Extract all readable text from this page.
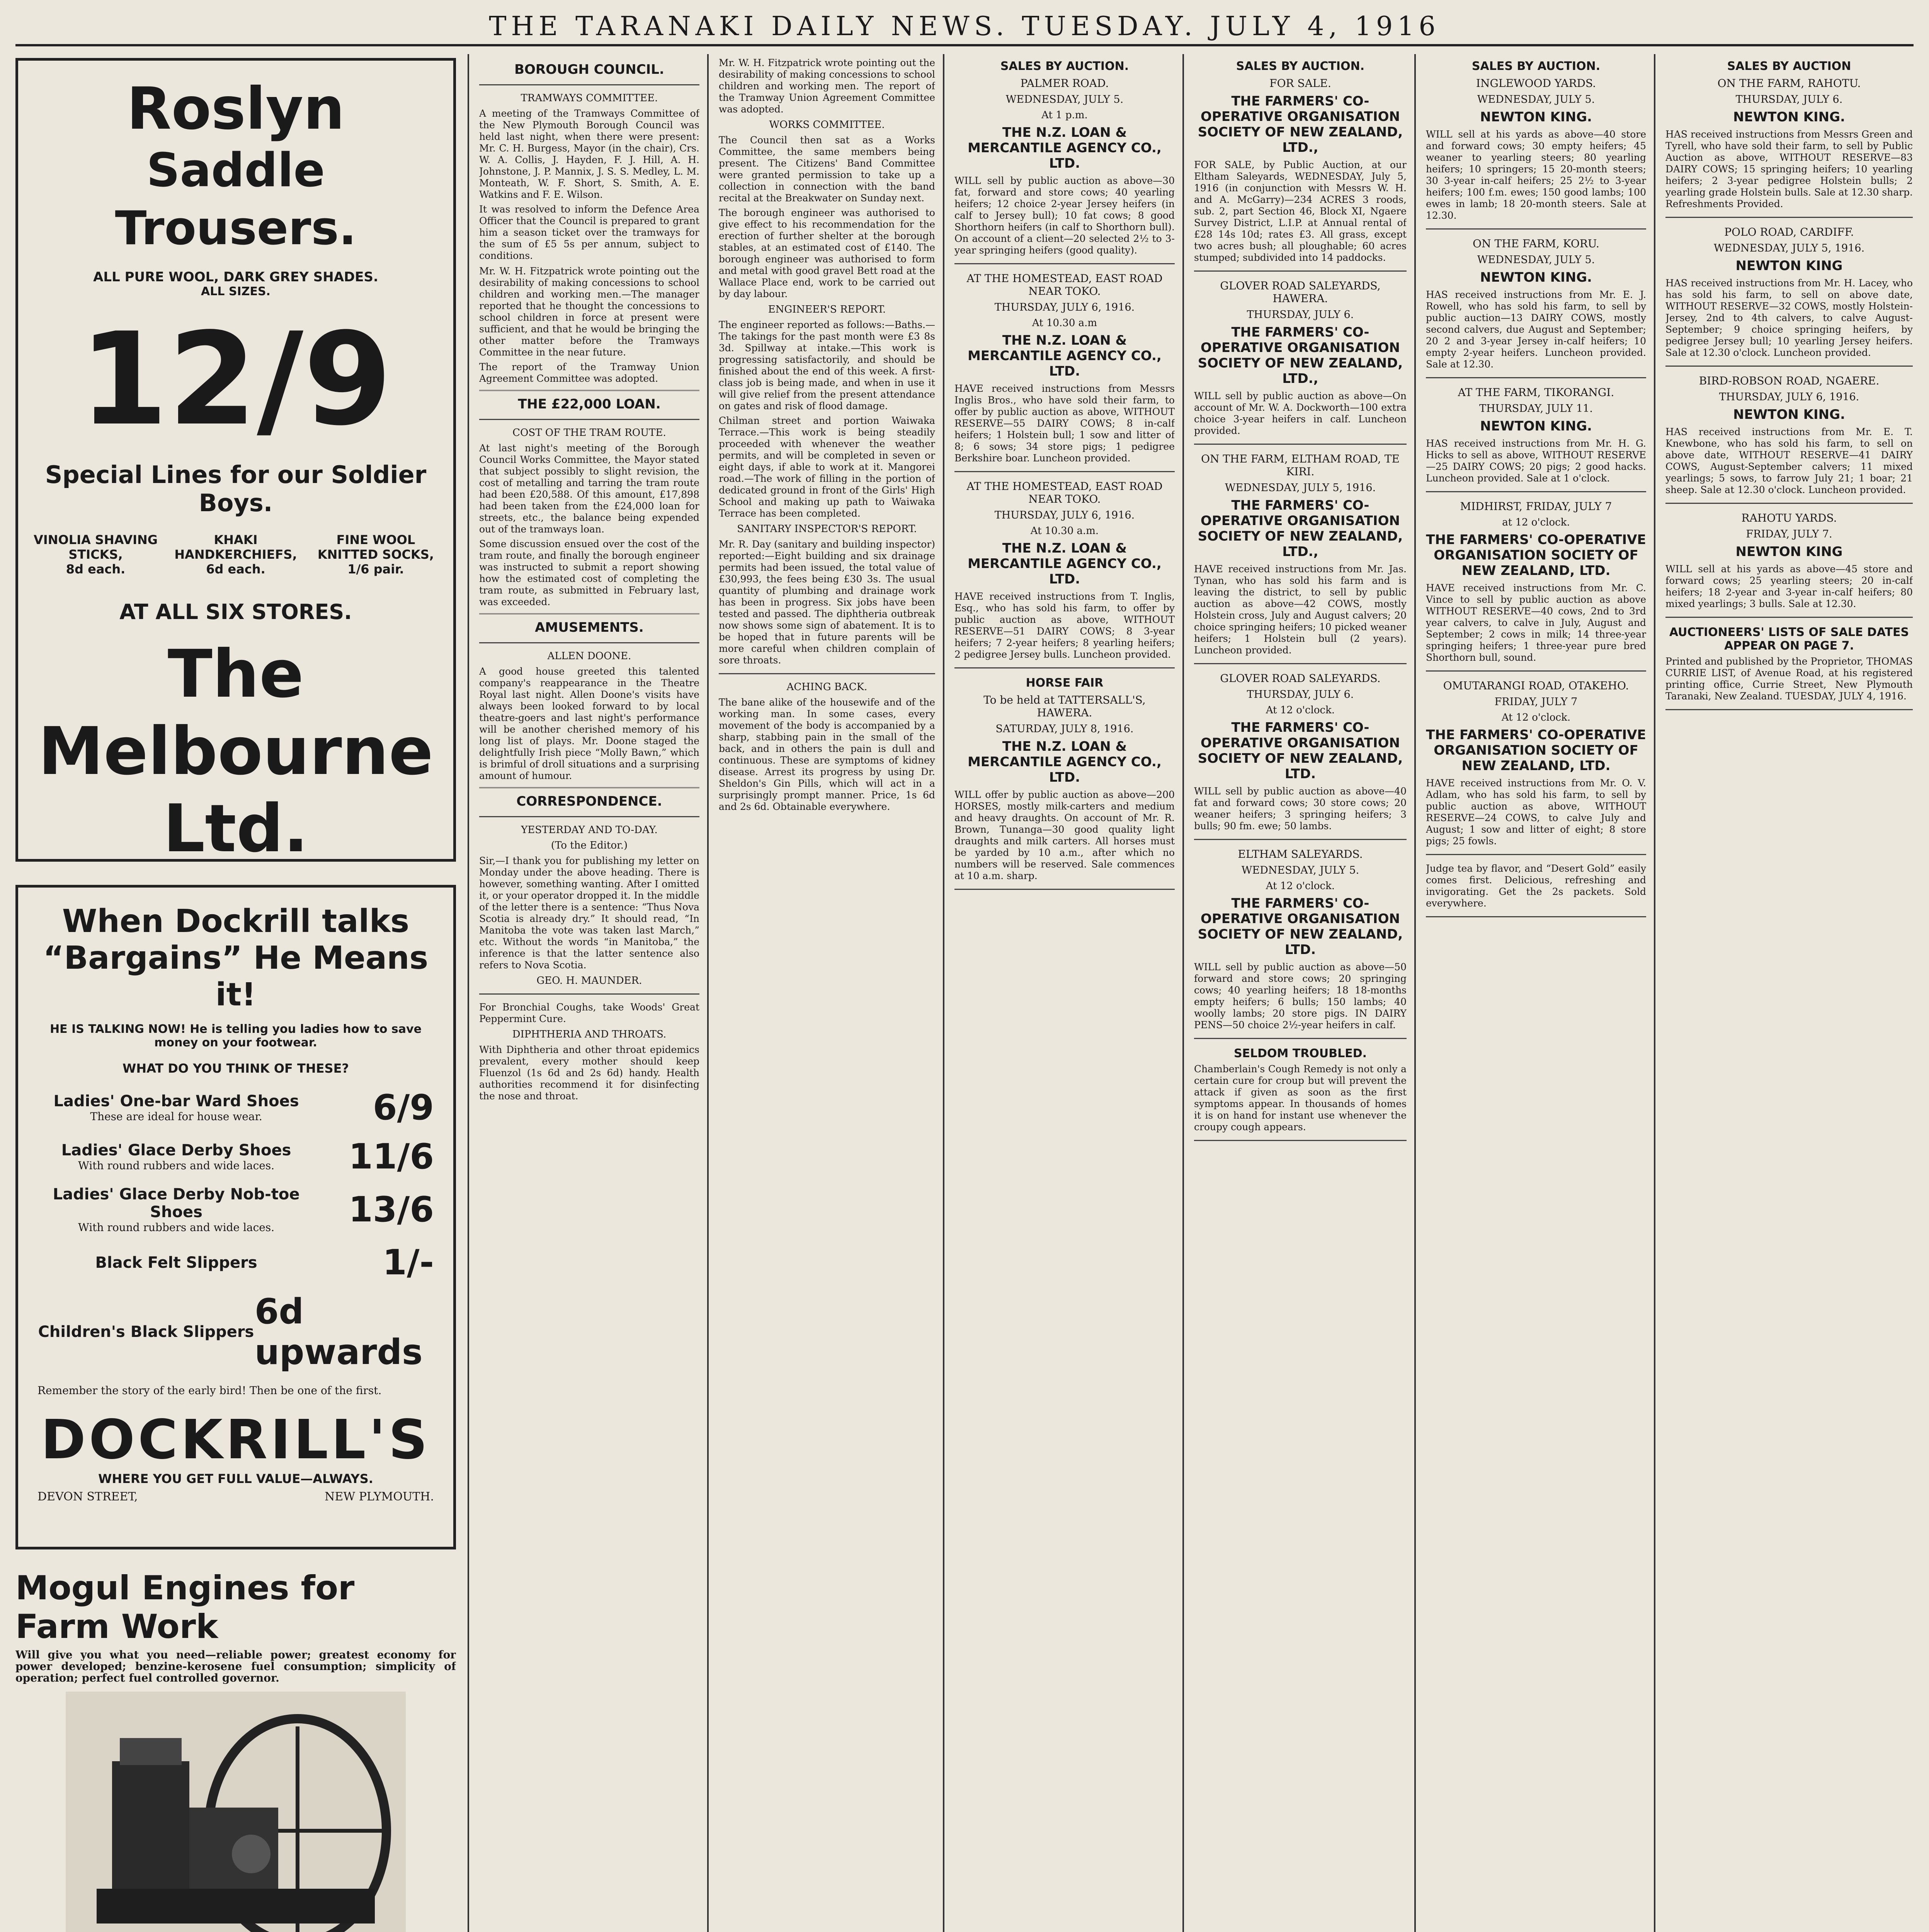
THE TARANAKI DAILY NEWS. TUESDAY. JULY 4, 1916
Roslyn
Saddle Trousers.
ALL PURE WOOL, DARK GREY SHADES.
ALL SIZES.
12/9
Special Lines for our Soldier Boys.
VINOLIA SHAVING STICKS,
8d each.
KHAKI HANDKERCHIEFS,
6d each.
FINE WOOL KNITTED SOCKS,
1/6 pair.
AT ALL SIX STORES.
The Melbourne Ltd.
When Dockrill talks
“Bargains” He Means it!
HE IS TALKING NOW! He is telling you ladies how to save money on your footwear.
WHAT DO YOU THINK OF THESE?
Ladies' One-bar Ward Shoes
These are ideal for house wear.	6/9
Ladies' Glace Derby Shoes
With round rubbers and wide laces.	11/6
Ladies' Glace Derby Nob-toe Shoes
With round rubbers and wide laces.	13/6
Black Felt Slippers	1/-
Children's Black Slippers 6d upwards
Remember the story of the early bird! Then be one of the first.
DOCKRILL'S
WHERE YOU GET FULL VALUE—ALWAYS.
DEVON STREET,	NEW PLYMOUTH.
Mogul Engines for Farm Work
Will give you what you need—reliable power; greatest economy for power developed; benzine-kerosene fuel consumption; simplicity of operation; perfect fuel controlled governor.
BOROUGH COUNCIL.
TRAMWAYS COMMITTEE.
A meeting of the Tramways Committee of the New Plymouth Borough Council was held last night, when there were present: Mr. C. H. Burgess, Mayor (in the chair), Crs. W. A. Collis, J. Hayden, F. J. Hill, A. H. Johnstone, J. P. Mannix, J. S. S. Medley, L. M. Monteath, W. F. Short, S. Smith, A. E. Watkins and F. E. Wilson.
It was resolved to inform the Defence Area Officer that the Council is prepared to grant him a season ticket over the tramways for the sum of £5 5s per annum, subject to conditions.
Mr. W. H. Fitzpatrick wrote pointing out the desirability of making concessions to school children and working men.—The manager reported that he thought the concessions to school children in force at present were sufficient, and that he would be bringing the other matter before the Tramways Committee in the near future.
The report of the Tramway Union Agreement Committee was adopted.
THE £22,000 LOAN.
COST OF THE TRAM ROUTE.
At last night's meeting of the Borough Council Works Committee, the Mayor stated that subject possibly to slight revision, the cost of metalling and tarring the tram route had been £20,588. Of this amount, £17,898 had been taken from the £24,000 loan for streets, etc., the balance being expended out of the tramways loan.
Some discussion ensued over the cost of the tram route, and finally the borough engineer was instructed to submit a report showing how the estimated cost of completing the tram route, as submitted in February last, was exceeded.
AMUSEMENTS.
ALLEN DOONE.
A good house greeted this talented company's reappearance in the Theatre Royal last night. Allen Doone's visits have always been looked forward to by local theatre-goers and last night's performance will be another cherished memory of his long list of plays. Mr. Doone staged the delightfully Irish piece “Molly Bawn,” which is brimful of droll situations and a surprising amount of humour.
CORRESPONDENCE.
YESTERDAY AND TO-DAY.
(To the Editor.)
Sir,—I thank you for publishing my letter on Monday under the above heading. There is however, something wanting. After I omitted it, or your operator dropped it. In the middle of the letter there is a sentence: “Thus Nova Scotia is already dry.” It should read, “In Manitoba the vote was taken last March,” etc. Without the words “in Manitoba,” the inference is that the latter sentence also refers to Nova Scotia.
GEO. H. MAUNDER.
For Bronchial Coughs, take Woods' Great Peppermint Cure.
DIPHTHERIA AND THROATS.
With Diphtheria and other throat epidemics prevalent, every mother should keep Fluenzol (1s 6d and 2s 6d) handy. Health authorities recommend it for disinfecting the nose and throat.
Mr. W. H. Fitzpatrick wrote pointing out the desirability of making concessions to school children and working men. The report of the Tramway Union Agreement Committee was adopted.
WORKS COMMITTEE.
The Council then sat as a Works Committee, the same members being present. The Citizens' Band Committee were granted permission to take up a collection in connection with the band recital at the Breakwater on Sunday next.
The borough engineer was authorised to give effect to his recommendation for the erection of further shelter at the borough stables, at an estimated cost of £140. The borough engineer was authorised to form and metal with good gravel Bett road at the Wallace Place end, work to be carried out by day labour.
ENGINEER'S REPORT.
The engineer reported as follows:—Baths.—The takings for the past month were £3 8s 3d. Spillway at intake.—This work is progressing satisfactorily, and should be finished about the end of this week. A first-class job is being made, and when in use it will give relief from the present attendance on gates and risk of flood damage.
Chilman street and portion Waiwaka Terrace.—This work is being steadily proceeded with whenever the weather permits, and will be completed in seven or eight days, if able to work at it. Mangorei road.—The work of filling in the portion of dedicated ground in front of the Girls' High School and making up path to Waiwaka Terrace has been completed.
SANITARY INSPECTOR'S REPORT.
Mr. R. Day (sanitary and building inspector) reported:—Eight building and six drainage permits had been issued, the total value of £30,993, the fees being £30 3s. The usual quantity of plumbing and drainage work has been in progress. Six jobs have been tested and passed. The diphtheria outbreak now shows some sign of abatement. It is to be hoped that in future parents will be more careful when children complain of sore throats.
ACHING BACK.
The bane alike of the housewife and of the working man. In some cases, every movement of the body is accompanied by a sharp, stabbing pain in the small of the back, and in others the pain is dull and continuous. These are symptoms of kidney disease. Arrest its progress by using Dr. Sheldon's Gin Pills, which will act in a surprisingly prompt manner. Price, 1s 6d and 2s 6d. Obtainable everywhere.
SALES BY AUCTION.
PALMER ROAD.
WEDNESDAY, JULY 5.
At 1 p.m.
THE N.Z. LOAN & MERCANTILE AGENCY CO., LTD.
WILL sell by public auction as above—30 fat, forward and store cows; 40 yearling heifers; 12 choice 2-year Jersey heifers (in calf to Jersey bull); 10 fat cows; 8 good Shorthorn heifers (in calf to Shorthorn bull). On account of a client—20 selected 2½ to 3-year springing heifers (good quality).
AT THE HOMESTEAD, EAST ROAD NEAR TOKO.
THURSDAY, JULY 6, 1916.
At 10.30 a.m
THE N.Z. LOAN & MERCANTILE AGENCY CO., LTD.
HAVE received instructions from Messrs Inglis Bros., who have sold their farm, to offer by public auction as above, WITHOUT RESERVE—55 DAIRY COWS; 8 in-calf heifers; 1 Holstein bull; 1 sow and litter of 8; 6 sows; 34 store pigs; 1 pedigree Berkshire boar. Luncheon provided.
AT THE HOMESTEAD, EAST ROAD NEAR TOKO.
THURSDAY, JULY 6, 1916.
At 10.30 a.m.
THE N.Z. LOAN & MERCANTILE AGENCY CO., LTD.
HAVE received instructions from T. Inglis, Esq., who has sold his farm, to offer by public auction as above, WITHOUT RESERVE—51 DAIRY COWS; 8 3-year heifers; 7 2-year heifers; 8 yearling heifers; 2 pedigree Jersey bulls. Luncheon provided.
HORSE FAIR
To be held at TATTERSALL'S, HAWERA.
SATURDAY, JULY 8, 1916.
THE N.Z. LOAN & MERCANTILE AGENCY CO., LTD.
WILL offer by public auction as above—200 HORSES, mostly milk-carters and medium and heavy draughts. On account of Mr. R. Brown, Tunanga—30 good quality light draughts and milk carters. All horses must be yarded by 10 a.m., after which no numbers will be reserved. Sale commences at 10 a.m. sharp.
SALES BY AUCTION.
FOR SALE.
THE FARMERS' CO-OPERATIVE ORGANISATION SOCIETY OF NEW ZEALAND, LTD.,
FOR SALE, by Public Auction, at our Eltham Saleyards, WEDNESDAY, July 5, 1916 (in conjunction with Messrs W. H. and A. McGarry)—234 ACRES 3 roods, sub. 2, part Section 46, Block XI, Ngaere Survey District, L.I.P. at Annual rental of £28 14s 10d; rates £3. All grass, except two acres bush; all ploughable; 60 acres stumped; subdivided into 14 paddocks.
GLOVER ROAD SALEYARDS, HAWERA.
THURSDAY, JULY 6.
THE FARMERS' CO-OPERATIVE ORGANISATION SOCIETY OF NEW ZEALAND, LTD.,
WILL sell by public auction as above—On account of Mr. W. A. Dockworth—100 extra choice 3-year heifers in calf. Luncheon provided.
ON THE FARM, ELTHAM ROAD, TE KIRI.
WEDNESDAY, JULY 5, 1916.
THE FARMERS' CO-OPERATIVE ORGANISATION SOCIETY OF NEW ZEALAND, LTD.,
HAVE received instructions from Mr. Jas. Tynan, who has sold his farm and is leaving the district, to sell by public auction as above—42 COWS, mostly Holstein cross, July and August calvers; 20 choice springing heifers; 10 picked weaner heifers; 1 Holstein bull (2 years). Luncheon provided.
GLOVER ROAD SALEYARDS.
THURSDAY, JULY 6.
At 12 o'clock.
THE FARMERS' CO-OPERATIVE ORGANISATION SOCIETY OF NEW ZEALAND, LTD.
WILL sell by public auction as above—40 fat and forward cows; 30 store cows; 20 weaner heifers; 3 springing heifers; 3 bulls; 90 fm. ewe; 50 lambs.
ELTHAM SALEYARDS.
WEDNESDAY, JULY 5.
At 12 o'clock.
THE FARMERS' CO-OPERATIVE ORGANISATION SOCIETY OF NEW ZEALAND, LTD.
WILL sell by public auction as above—50 forward and store cows; 20 springing cows; 40 yearling heifers; 18 18-months empty heifers; 6 bulls; 150 lambs; 40 woolly lambs; 20 store pigs. IN DAIRY PENS—50 choice 2½-year heifers in calf.
SELDOM TROUBLED.
Chamberlain's Cough Remedy is not only a certain cure for croup but will prevent the attack if given as soon as the first symptoms appear. In thousands of homes it is on hand for instant use whenever the croupy cough appears.
SALES BY AUCTION.
INGLEWOOD YARDS.
WEDNESDAY, JULY 5.
NEWTON KING.
WILL sell at his yards as above—40 store and forward cows; 30 empty heifers; 45 weaner to yearling steers; 80 yearling heifers; 10 springers; 15 20-month steers; 30 3-year in-calf heifers; 25 2½ to 3-year heifers; 100 f.m. ewes; 150 good lambs; 100 ewes in lamb; 18 20-month steers. Sale at 12.30.
ON THE FARM, KORU.
WEDNESDAY, JULY 5.
NEWTON KING.
HAS received instructions from Mr. E. J. Rowell, who has sold his farm, to sell by public auction—13 DAIRY COWS, mostly second calvers, due August and September; 20 2 and 3-year Jersey in-calf heifers; 10 empty 2-year heifers. Luncheon provided. Sale at 12.30.
AT THE FARM, TIKORANGI.
THURSDAY, JULY 11.
NEWTON KING.
HAS received instructions from Mr. H. G. Hicks to sell as above, WITHOUT RESERVE—25 DAIRY COWS; 20 pigs; 2 good hacks. Luncheon provided. Sale at 1 o'clock.
MIDHIRST, FRIDAY, JULY 7
at 12 o'clock.
THE FARMERS' CO-OPERATIVE ORGANISATION SOCIETY OF NEW ZEALAND, LTD.
HAVE received instructions from Mr. C. Vince to sell by public auction as above WITHOUT RESERVE—40 cows, 2nd to 3rd year calvers, to calve in July, August and September; 2 cows in milk; 14 three-year springing heifers; 1 three-year pure bred Shorthorn bull, sound.
OMUTARANGI ROAD, OTAKEHO.
FRIDAY, JULY 7
At 12 o'clock.
THE FARMERS' CO-OPERATIVE ORGANISATION SOCIETY OF NEW ZEALAND, LTD.
HAVE received instructions from Mr. O. V. Adlam, who has sold his farm, to sell by public auction as above, WITHOUT RESERVE—24 COWS, to calve July and August; 1 sow and litter of eight; 8 store pigs; 25 fowls.
Judge tea by flavor, and “Desert Gold” easily comes first. Delicious, refreshing and invigorating. Get the 2s packets. Sold everywhere.
SALES BY AUCTION
ON THE FARM, RAHOTU.
THURSDAY, JULY 6.
NEWTON KING.
HAS received instructions from Messrs Green and Tyrell, who have sold their farm, to sell by Public Auction as above, WITHOUT RESERVE—83 DAIRY COWS; 15 springing heifers; 10 yearling heifers; 2 3-year pedigree Holstein bulls; 2 yearling grade Holstein bulls. Sale at 12.30 sharp. Refreshments Provided.
POLO ROAD, CARDIFF.
WEDNESDAY, JULY 5, 1916.
NEWTON KING
HAS received instructions from Mr. H. Lacey, who has sold his farm, to sell on above date, WITHOUT RESERVE—32 COWS, mostly Holstein-Jersey, 2nd to 4th calvers, to calve August-September; 9 choice springing heifers, by pedigree Jersey bull; 10 yearling Jersey heifers. Sale at 12.30 o'clock. Luncheon provided.
BIRD-ROBSON ROAD, NGAERE.
THURSDAY, JULY 6, 1916.
NEWTON KING.
HAS received instructions from Mr. E. T. Knewbone, who has sold his farm, to sell on above date, WITHOUT RESERVE—41 DAIRY COWS, August-September calvers; 11 mixed yearlings; 5 sows, to farrow July 21; 1 boar; 21 sheep. Sale at 12.30 o'clock. Luncheon provided.
RAHOTU YARDS.
FRIDAY, JULY 7.
NEWTON KING
WILL sell at his yards as above—45 store and forward cows; 25 yearling steers; 20 in-calf heifers; 18 2-year and 3-year in-calf heifers; 80 mixed yearlings; 3 bulls. Sale at 12.30.
AUCTIONEERS' LISTS OF SALE DATES APPEAR ON PAGE 7.
Printed and published by the Proprietor, THOMAS CURRIE LIST, of Avenue Road, at his registered printing office, Currie Street, New Plymouth Taranaki, New Zealand. TUESDAY, JULY 4, 1916.
